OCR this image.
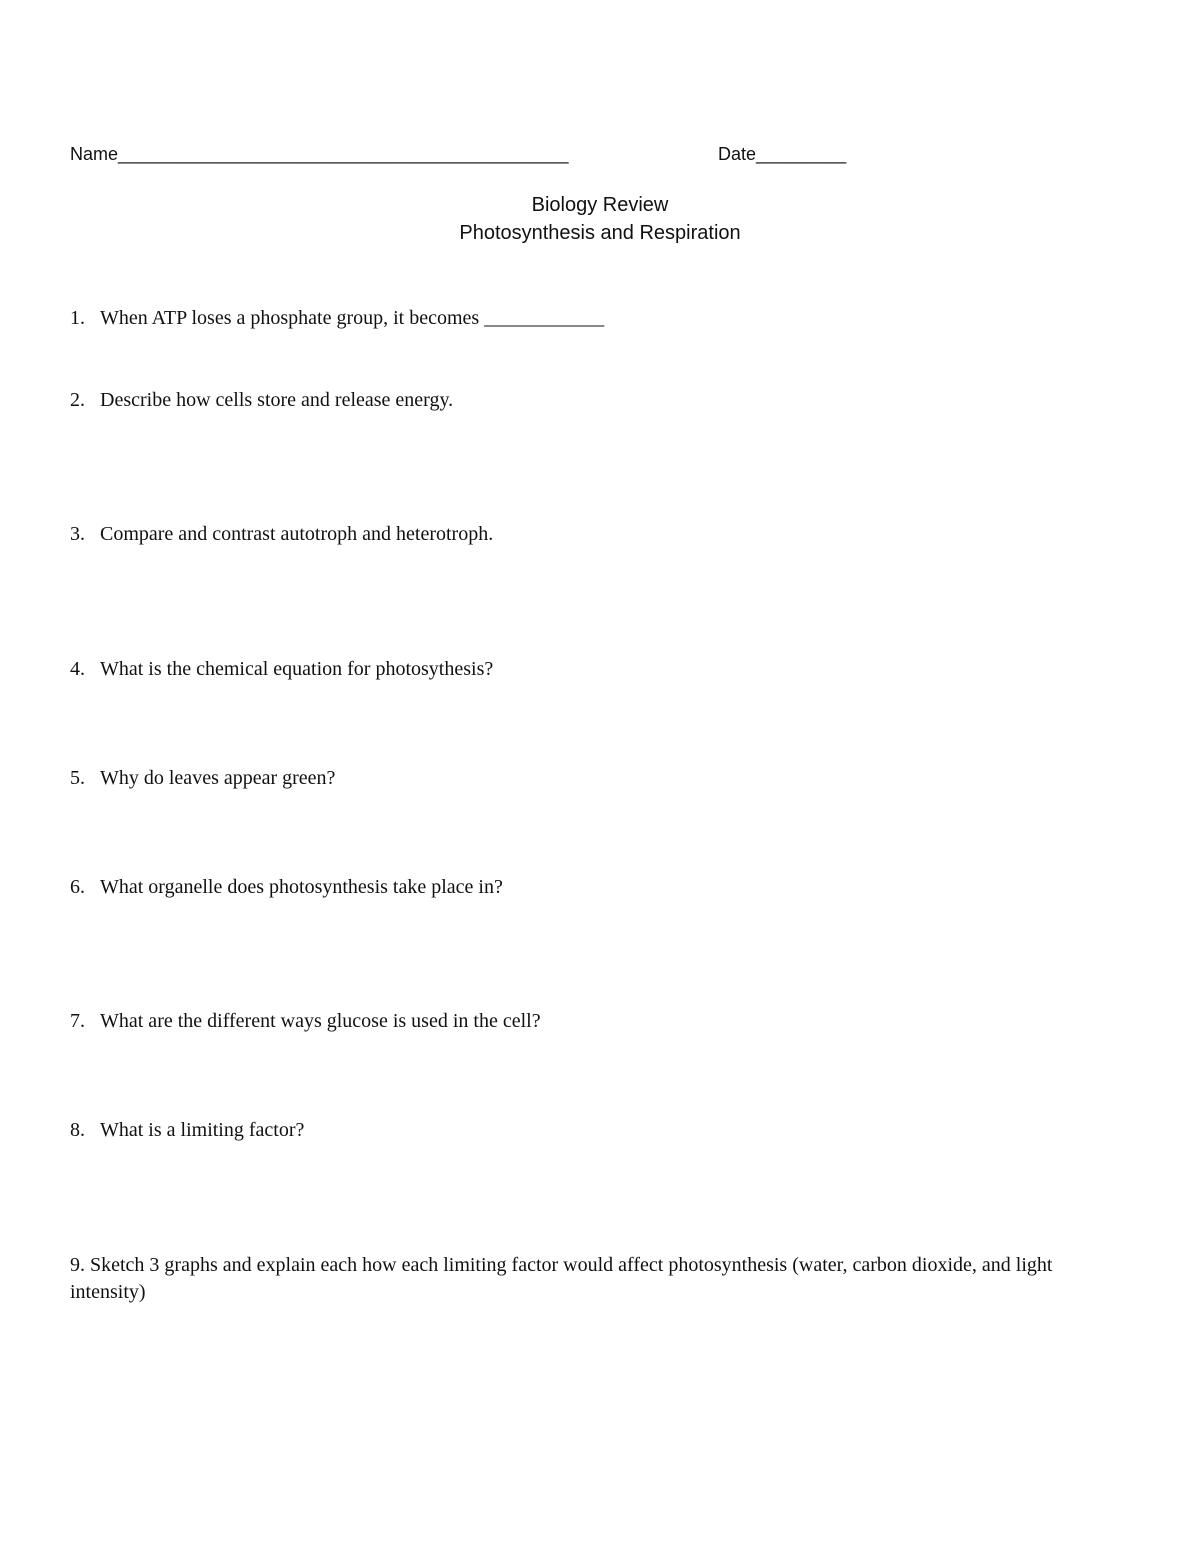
Name_____________________________________________	Date_________
Biology Review
Photosynthesis and Respiration
1. When ATP loses a phosphate group, it becomes ____________
2. Describe how cells store and release energy.
3. Compare and contrast autotroph and heterotroph.
4. What is the chemical equation for photosythesis?
5. Why do leaves appear green?
6. What organelle does photosynthesis take place in?
7. What are the different ways glucose is used in the cell?
8. What is a limiting factor?
9. Sketch 3 graphs and explain each how each limiting factor would affect photosynthesis (water, carbon dioxide, and light intensity)
